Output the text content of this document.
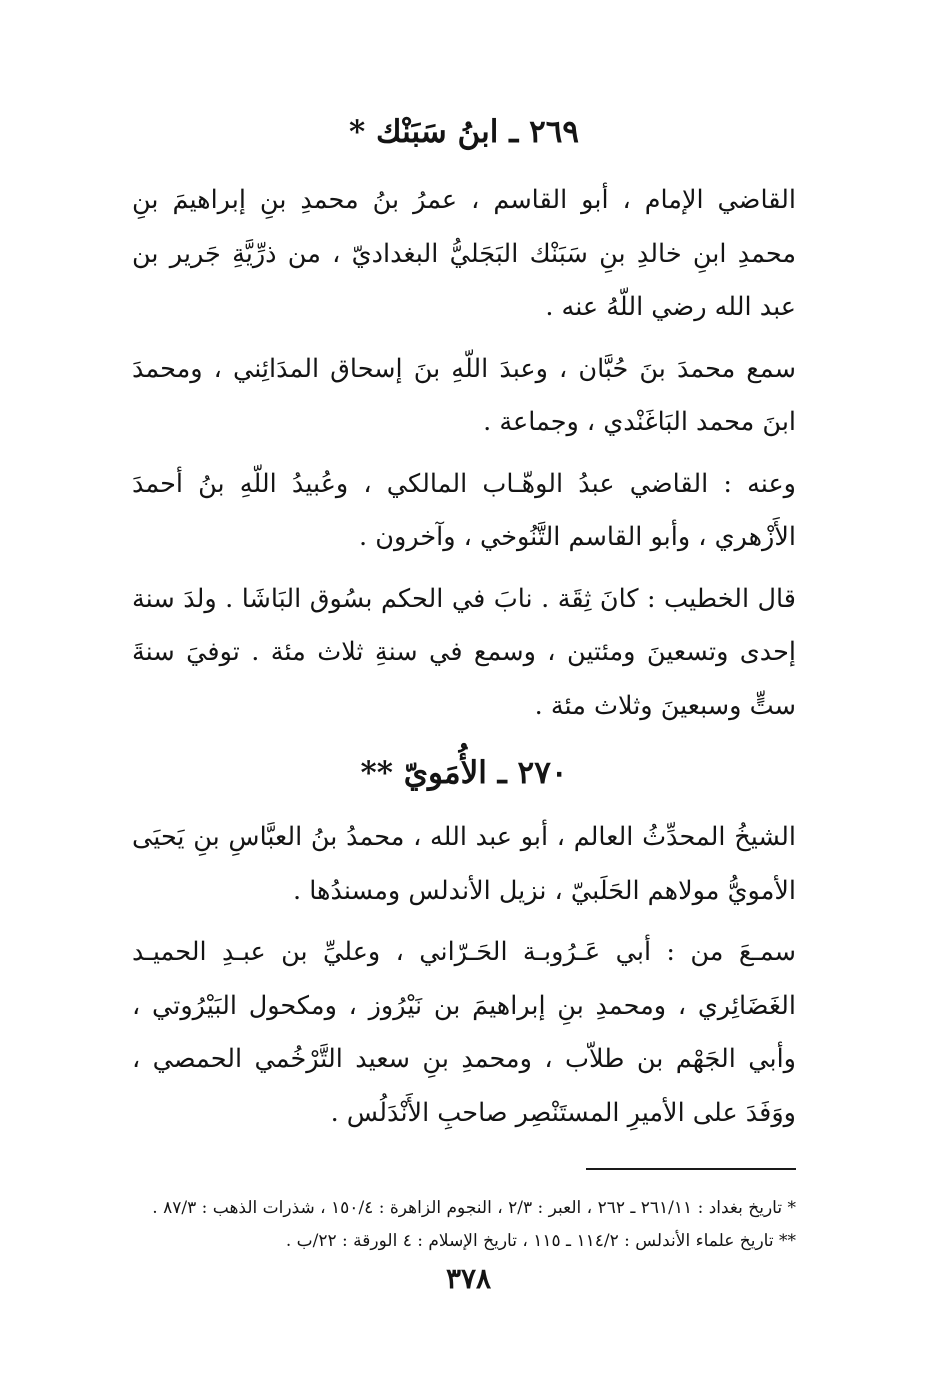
٢٦٩ ـ ابنُ سَبَنْك *

القاضي الإمام ، أبو القاسم ، عمرُ بنُ محمدِ بنِ إبراهيمَ بنِ محمدِ ابنِ خالدِ بنِ سَبَنْك البَجَليُّ البغداديّ ، من ذرِّيَّةِ جَرير بن عبد الله رضي اللّهُ عنه .

سمع محمدَ بنَ حُبَّان ، وعبدَ اللّهِ بنَ إسحاق المدَائِني ، ومحمدَ ابنَ محمد البَاغَنْدي ، وجماعة .

وعنه : القاضي عبدُ الوهّـاب المالكي ، وعُبيدُ اللّهِ بنُ أحمدَ الأَزْهري ، وأبو القاسم التَّنُوخي ، وآخرون .

قال الخطيب : كانَ ثِقَة . نابَ في الحكم بسُوق البَاشَا . ولدَ سنة إحدى وتسعينَ ومئتين ، وسمع في سنةِ ثلاث مئة . توفيَ سنةَ ستٍّ وسبعينَ وثلاث مئة .

٢٧٠ ـ الأُمَويّ **

الشيخُ المحدِّثُ العالم ، أبو عبد الله ، محمدُ بنُ العبَّاسِ بنِ يَحيَى الأمويُّ مولاهم الحَلَبيّ ، نزيل الأندلس ومسندُها .

سمـعَ من : أبي عَـرُوبـة الحَـرّاني ، وعليِّ بن عبـدِ الحميـد الغَضَائِري ، ومحمدِ بنِ إبراهيمَ بن نَيْرُوز ، ومكحول البَيْرُوتي ، وأبي الجَهْم بن طلاّب ، ومحمدِ بنِ سعيد التَّرْخُمي الحمصي ، ووَفَدَ على الأميرِ المستَنْصِر صاحبِ الأَنْدَلُس .

* تاريخ بغداد : ٢٦١/١١ ـ ٢٦٢ ، العبر : ٢/٣ ، النجوم الزاهرة : ١٥٠/٤ ، شذرات الذهب : ٨٧/٣ .

** تاريخ علماء الأندلس : ١١٤/٢ ـ ١١٥ ، تاريخ الإسلام : ٤ الورقة : ٢٢/ب .

٣٧٨
